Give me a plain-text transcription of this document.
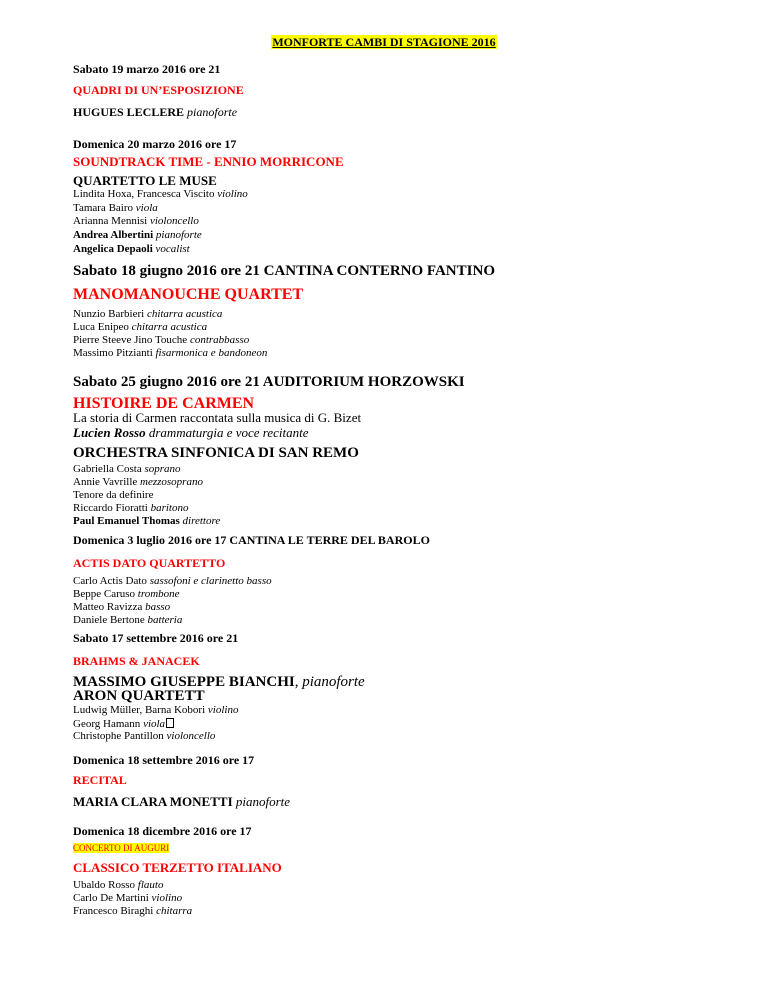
MONFORTE CAMBI DI STAGIONE 2016
Sabato 19 marzo 2016 ore 21
QUADRI DI UN’ESPOSIZIONE
HUGUES LECLERE pianoforte
Domenica 20 marzo 2016 ore 17
SOUNDTRACK TIME - ENNIO MORRICONE
QUARTETTO LE MUSE
Lindita Hoxa, Francesca Viscito violino
Tamara Bairo viola
Arianna Mennisi violoncello
Andrea Albertini pianoforte
Angelica Depaoli vocalist
Sabato 18 giugno 2016 ore 21 CANTINA CONTERNO FANTINO
MANOMANOUCHE QUARTET
Nunzio Barbieri chitarra acustica
Luca Enipeo chitarra acustica
Pierre Steeve Jino Touche contrabbasso
Massimo Pitzianti fisarmonica e bandoneon
Sabato 25 giugno 2016 ore 21 AUDITORIUM HORZOWSKI
HISTOIRE DE CARMEN
La storia di Carmen raccontata sulla musica di G. Bizet
Lucien Rosso drammaturgia e voce recitante
ORCHESTRA SINFONICA DI SAN REMO
Gabriella Costa soprano
Annie Vavrille mezzosoprano
Tenore da definire
Riccardo Fioratti baritono
Paul Emanuel Thomas direttore
Domenica 3 luglio 2016 ore 17 CANTINA LE TERRE DEL BAROLO
ACTIS DATO QUARTETTO
Carlo Actis Dato sassofoni e clarinetto basso
Beppe Caruso trombone
Matteo Ravizza basso
Daniele Bertone batteria
Sabato 17 settembre 2016 ore 21
BRAHMS & JANACEK
MASSIMO GIUSEPPE BIANCHI, pianoforte
ARON QUARTETT
Ludwig Müller, Barna Kobori violino
Georg Hamann viola
Christophe Pantillon violoncello
Domenica 18 settembre 2016 ore 17
RECITAL
MARIA CLARA MONETTI pianoforte
Domenica 18 dicembre 2016 ore 17
CONCERTO DI AUGURI
CLASSICO TERZETTO ITALIANO
Ubaldo Rosso flauto
Carlo De Martini violino
Francesco Biraghi chitarra
